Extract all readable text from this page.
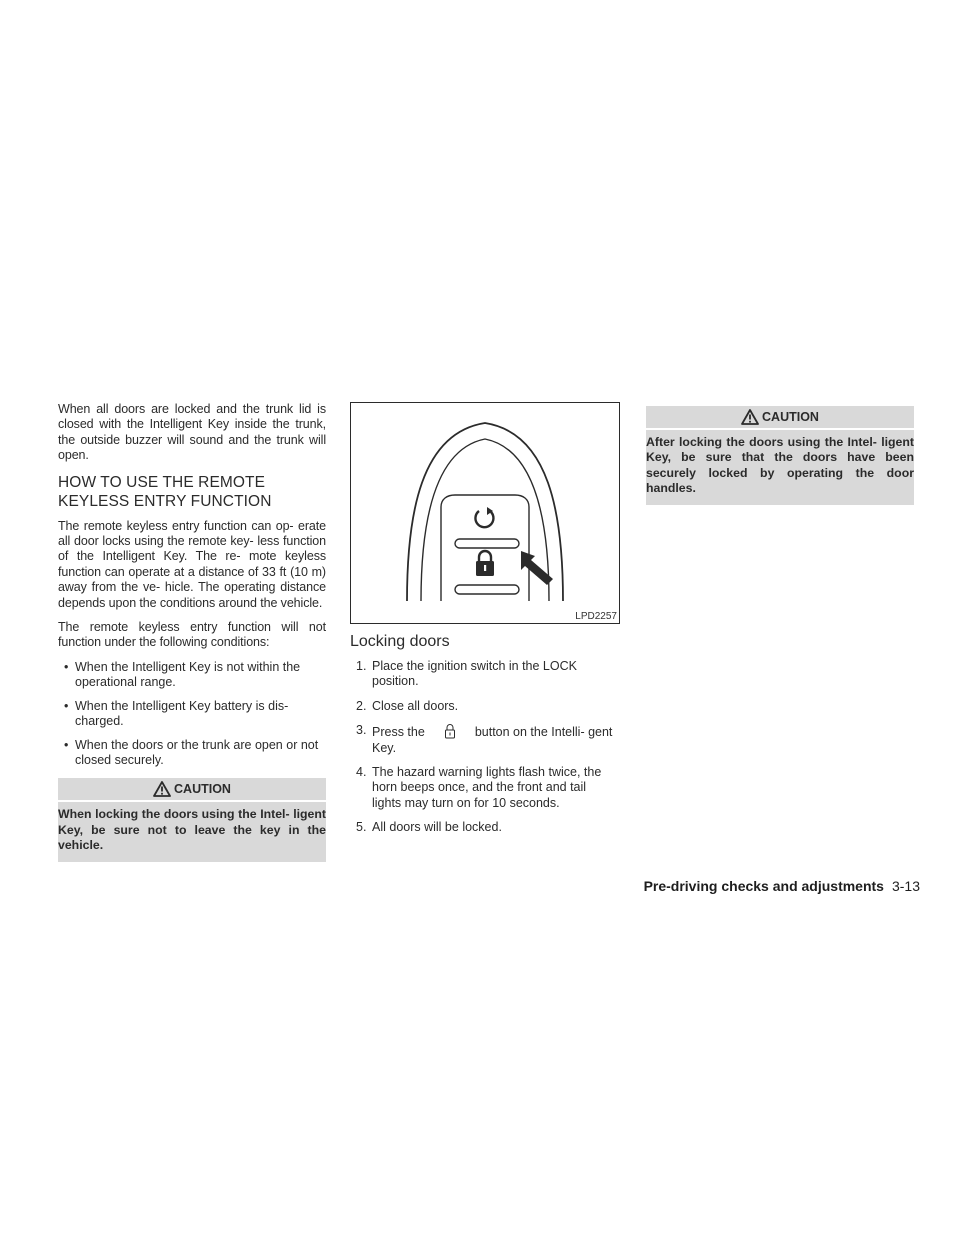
When all doors are locked and the trunk lid is closed with the Intelligent Key inside the trunk, the outside buzzer will sound and the trunk will open.

HOW TO USE THE REMOTE
KEYLESS ENTRY FUNCTION

The remote keyless entry function can op- erate all door locks using the remote key- less function of the Intelligent Key. The re- mote keyless function can operate at a distance of 33 ft (10 m) away from the ve- hicle. The operating distance depends upon the conditions around the vehicle.

The remote keyless entry function will not function under the following conditions:

• When the Intelligent Key is not within the operational range.
• When the Intelligent Key battery is dis- charged.
• When the doors or the trunk are open or not closed securely.
CAUTION
When locking the doors using the Intel- ligent Key, be sure not to leave the key in the vehicle.
LPD2257
Locking doors
1. Place the ignition switch in the LOCK position.
2. Close all doors.
3. Press the	button on the Intelli- gent Key.
4. The hazard warning lights flash twice, the horn beeps once, and the front and tail lights may turn on for 10 seconds.
5. All doors will be locked.
CAUTION
After locking the doors using the Intel- ligent Key, be sure that the doors have been securely locked by operating the door handles.
Pre-driving checks and adjustments 3-13
